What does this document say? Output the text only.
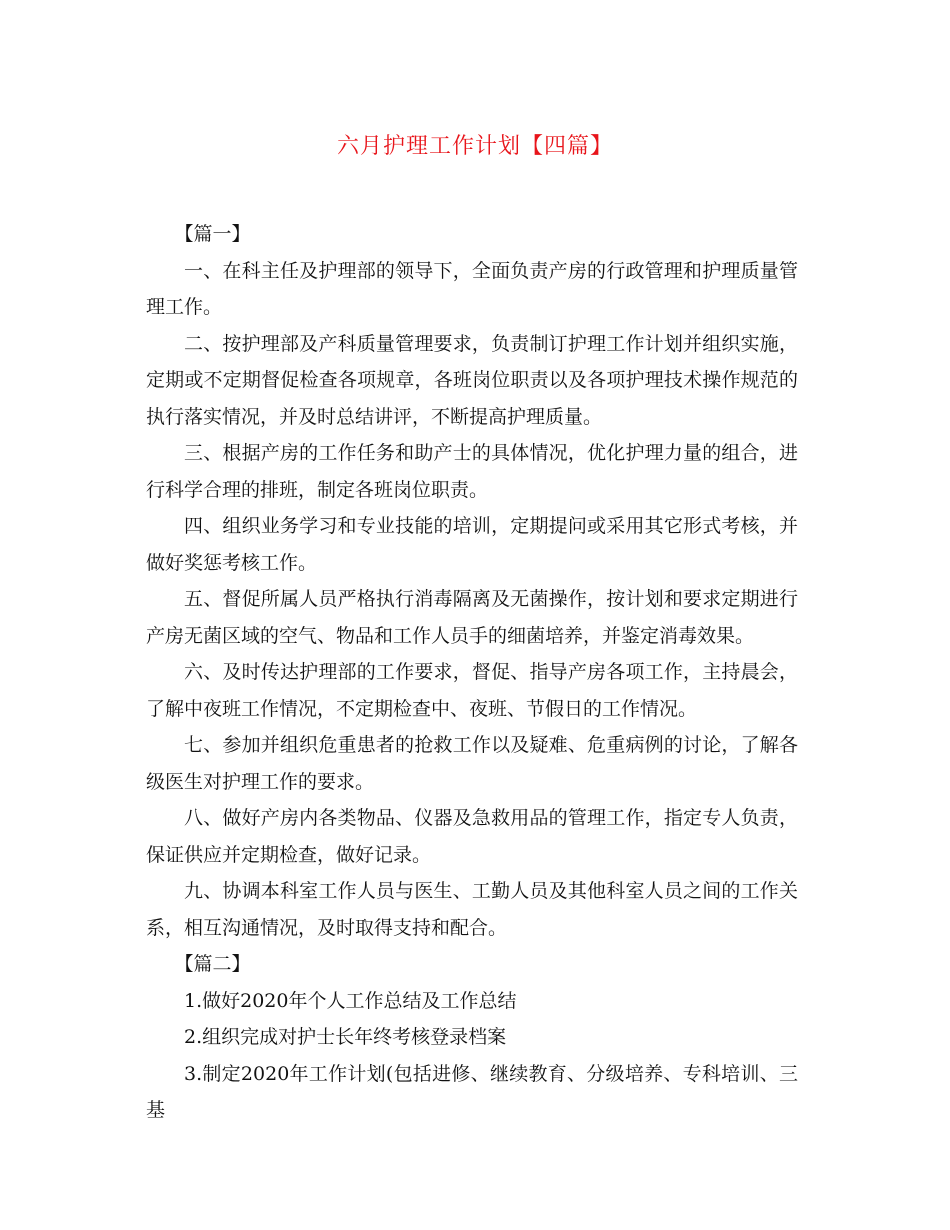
六月护理工作计划【四篇】

【篇一】

一、在科主任及护理部的领导下，全面负责产房的行政管理和护理质量管理工作。

二、按护理部及产科质量管理要求，负责制订护理工作计划并组织实施，定期或不定期督促检查各项规章，各班岗位职责以及各项护理技术操作规范的执行落实情况，并及时总结讲评，不断提高护理质量。

三、根据产房的工作任务和助产士的具体情况，优化护理力量的组合，进行科学合理的排班，制定各班岗位职责。

四、组织业务学习和专业技能的培训，定期提问或采用其它形式考核，并做好奖惩考核工作。

五、督促所属人员严格执行消毒隔离及无菌操作，按计划和要求定期进行产房无菌区域的空气、物品和工作人员手的细菌培养，并鉴定消毒效果。

六、及时传达护理部的工作要求，督促、指导产房各项工作，主持晨会，了解中夜班工作情况，不定期检查中、夜班、节假日的工作情况。

七、参加并组织危重患者的抢救工作以及疑难、危重病例的讨论，了解各级医生对护理工作的要求。

八、做好产房内各类物品、仪器及急救用品的管理工作，指定专人负责，保证供应并定期检查，做好记录。

九、协调本科室工作人员与医生、工勤人员及其他科室人员之间的工作关系，相互沟通情况，及时取得支持和配合。

【篇二】

1.做好2020年个人工作总结及工作总结

2.组织完成对护士长年终考核登录档案

3.制定2020年工作计划(包括进修、继续教育、分级培养、专科培训、三基
